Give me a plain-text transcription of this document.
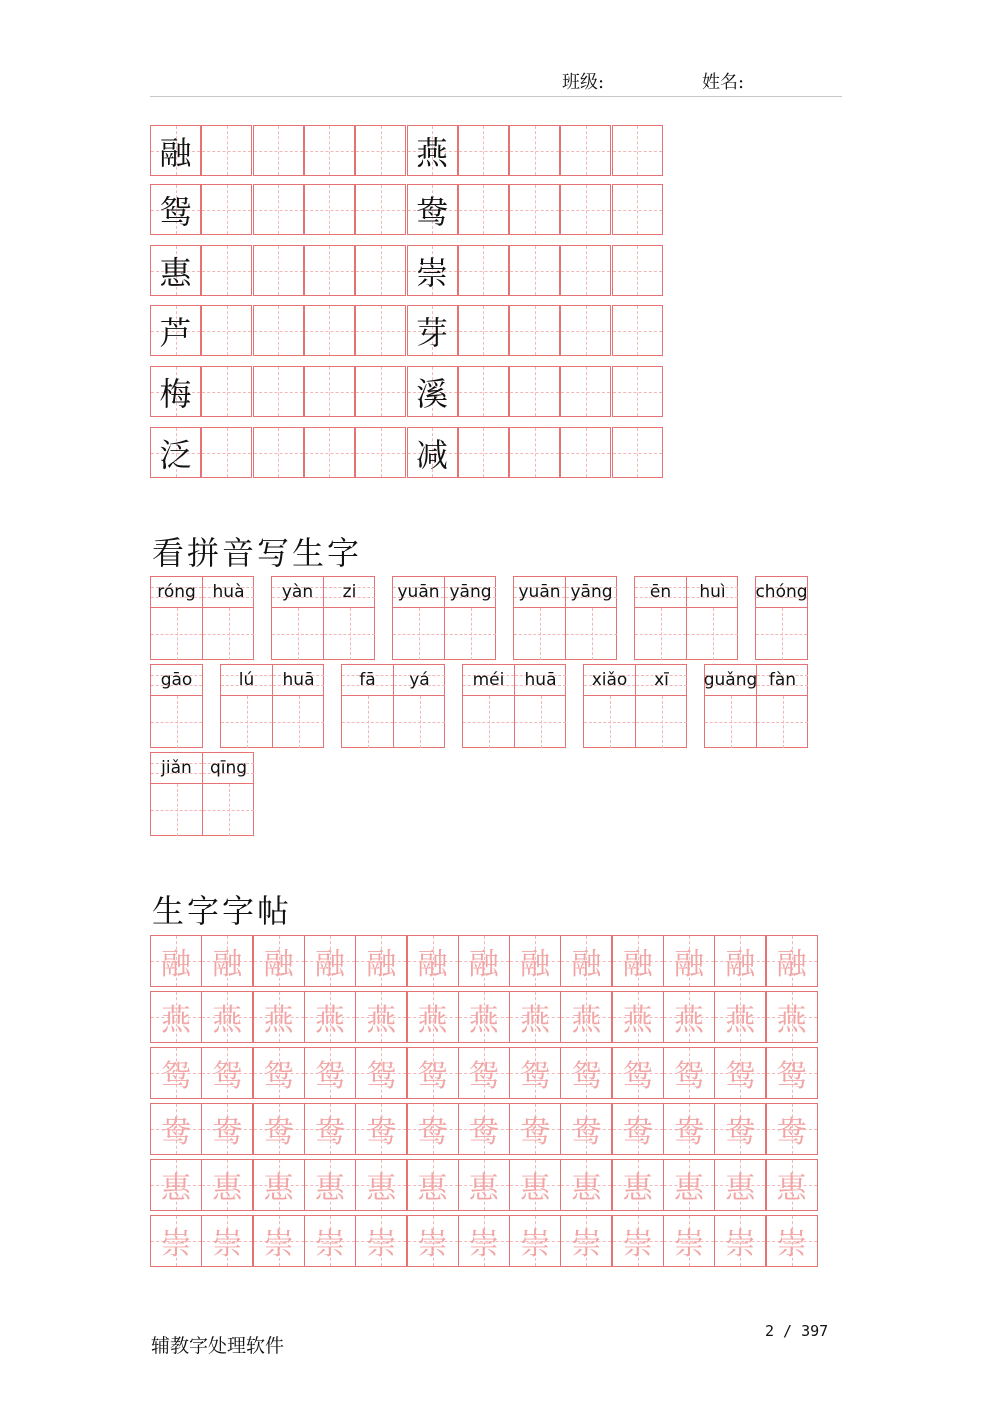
班级:	姓名:
融	燕
鸳	鸯
惠	崇
芦	芽
梅	溪
泛	减
看拼音写生字
róng huà	yàn	zi	yuān yāng yuān yāng	ēn	huì	chóng
gāo	lú	huā	fā	yá	méi	huā	xiǎo	xī	guǎng fàn
jiǎn	qīng
生字字帖
融 融 融 融 融 融 融 融 融 融 融 融 融
燕 燕 燕 燕 燕 燕 燕 燕 燕 燕 燕 燕 燕
鸳 鸳 鸳 鸳 鸳 鸳 鸳 鸳 鸳 鸳 鸳 鸳 鸳
鸯 鸯 鸯 鸯 鸯 鸯 鸯 鸯 鸯 鸯 鸯 鸯 鸯
惠 惠 惠 惠 惠 惠 惠 惠 惠 惠 惠 惠 惠
崇 崇 崇 崇 崇 崇 崇 崇 崇 崇 崇 崇 崇
辅教字处理软件
2 / 397
